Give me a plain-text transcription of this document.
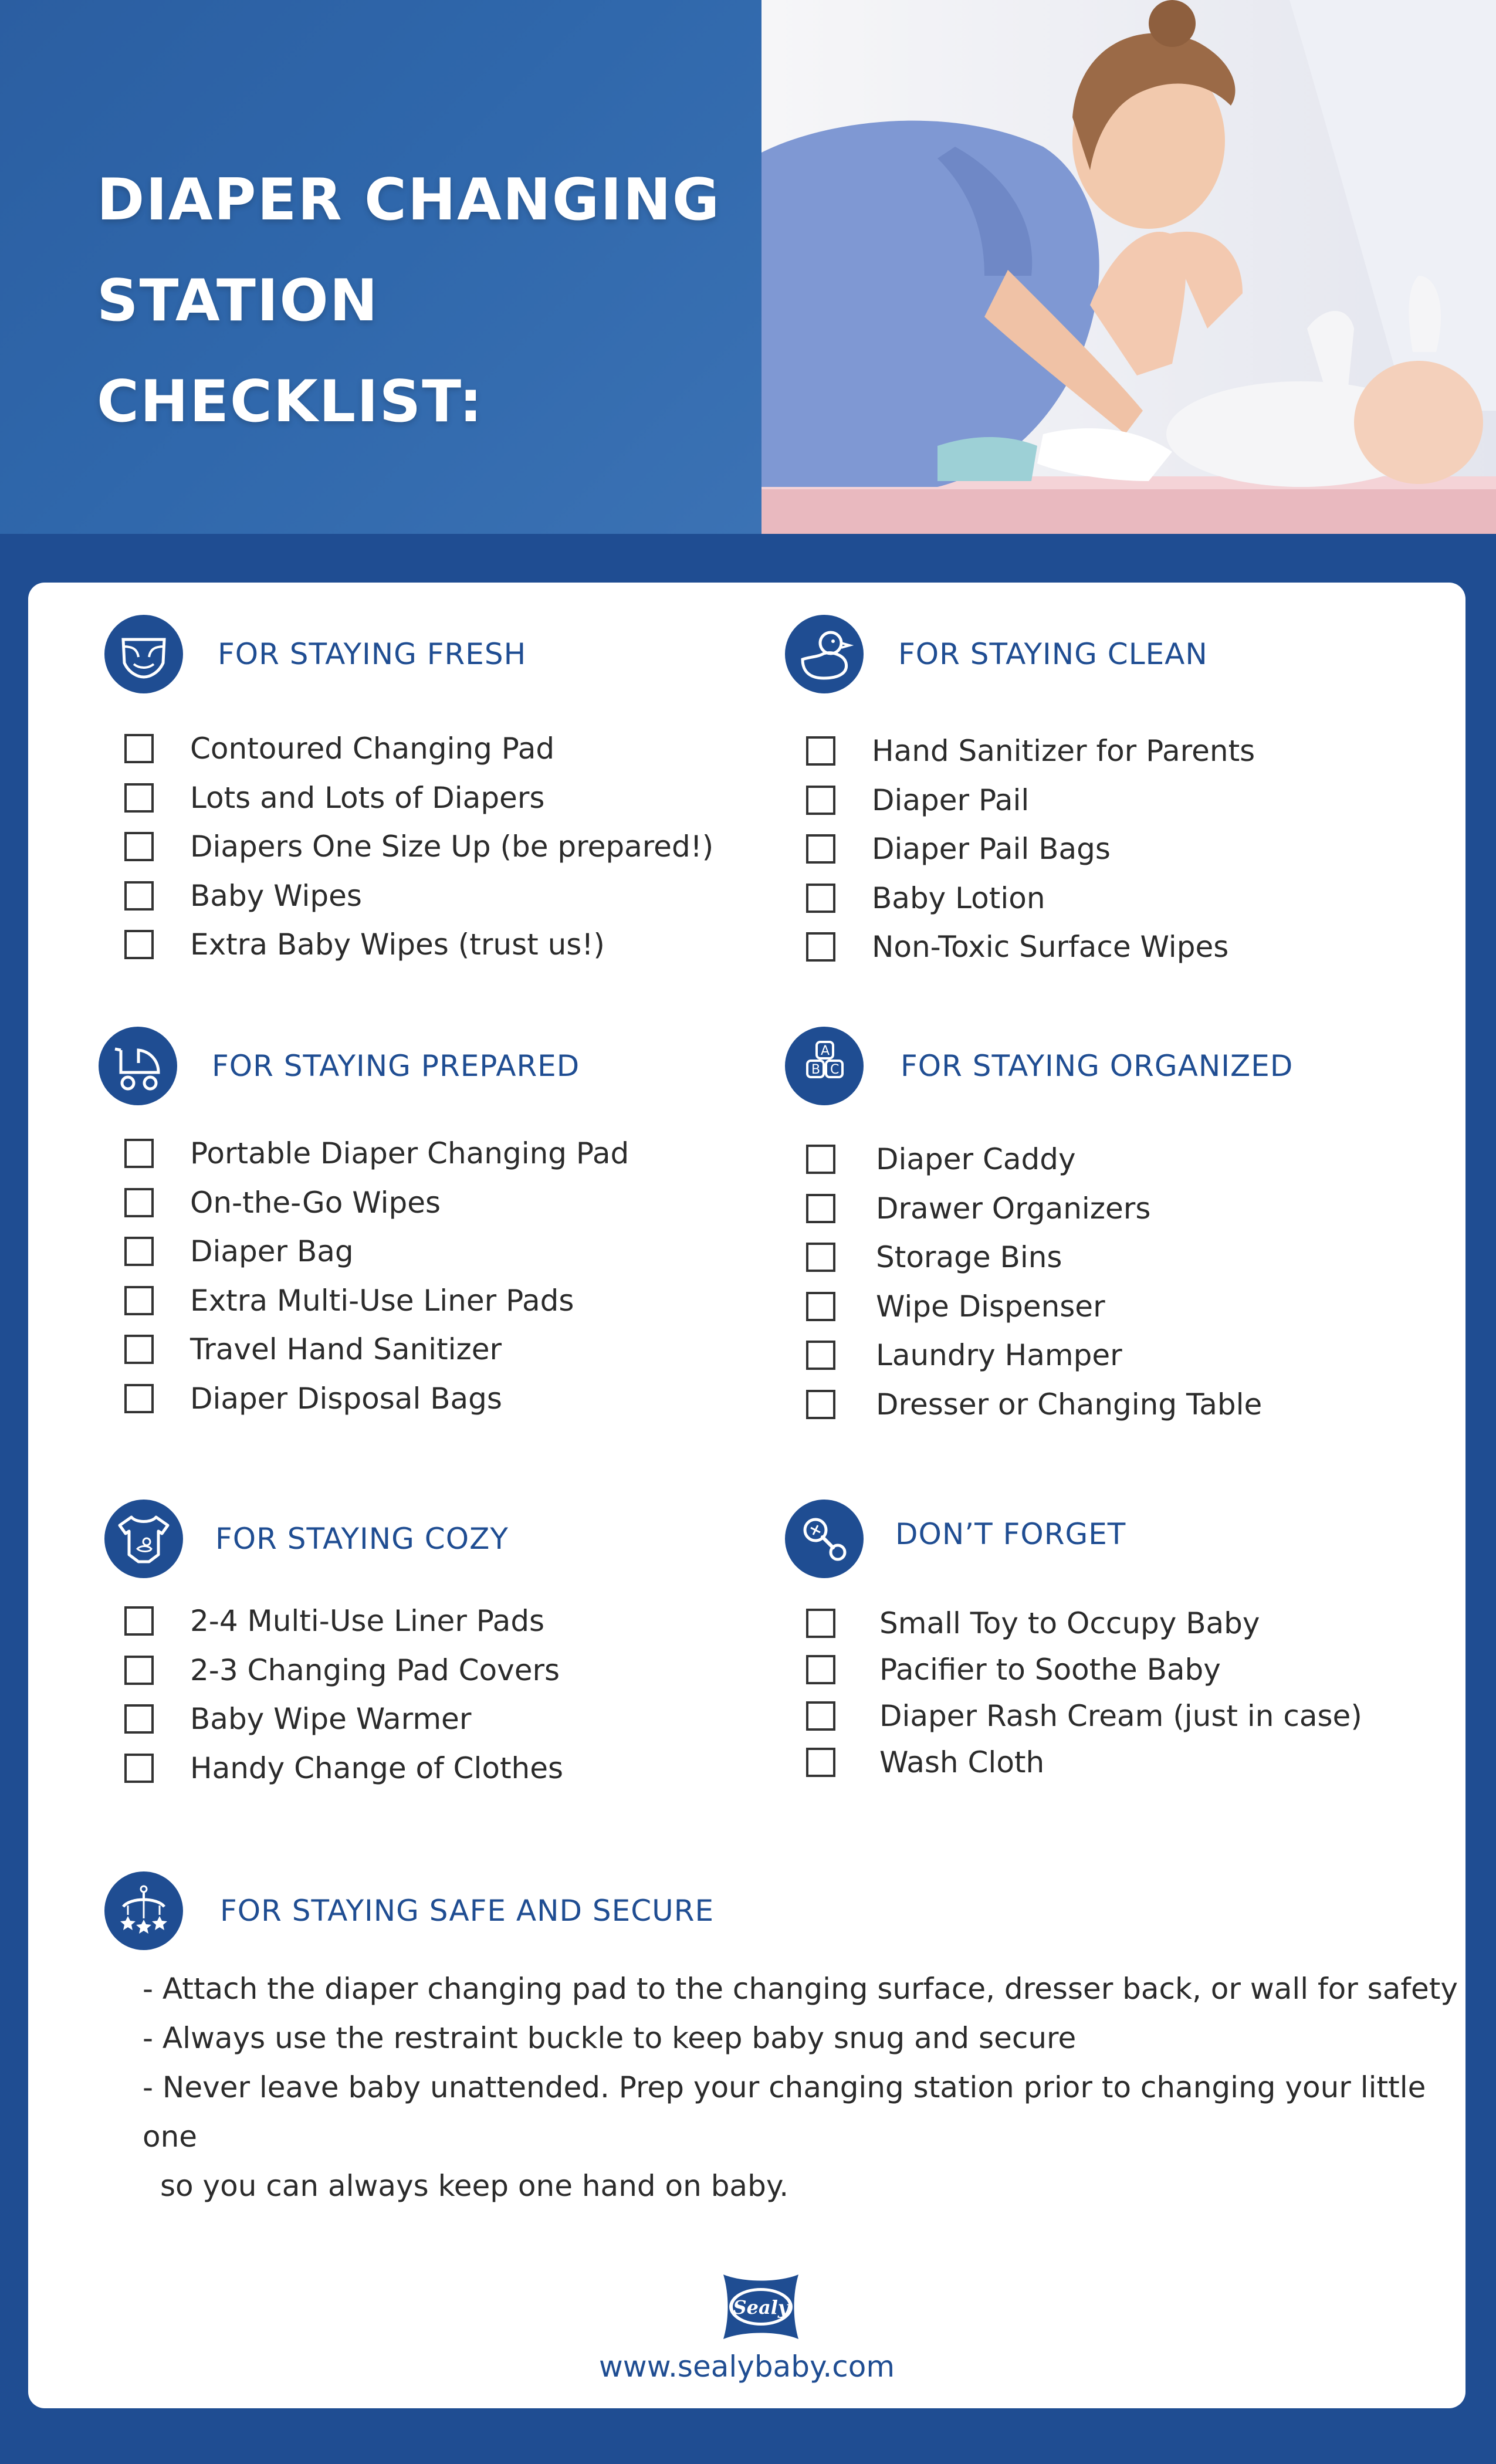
DIAPER CHANGING
STATION CHECKLIST:
FOR STAYING FRESH
Contoured Changing Pad
Lots and Lots of Diapers
Diapers One Size Up (be prepared!)
Baby Wipes
Extra Baby Wipes (trust us!)
FOR STAYING CLEAN
Hand Sanitizer for Parents
Diaper Pail
Diaper Pail Bags
Baby Lotion
Non-Toxic Surface Wipes
FOR STAYING PREPARED
Portable Diaper Changing Pad
On-the-Go Wipes
Diaper Bag
Extra Multi-Use Liner Pads
Travel Hand Sanitizer
Diaper Disposal Bags
A
B C FOR STAYING ORGANIZED
Diaper Caddy
Drawer Organizers
Storage Bins
Wipe Dispenser
Laundry Hamper
Dresser or Changing Table
FOR STAYING COZY
2-4 Multi-Use Liner Pads
2-3 Changing Pad Covers
Baby Wipe Warmer
Handy Change of Clothes
DON’T FORGET
Small Toy to Occupy Baby
Pacifier to Soothe Baby
Diaper Rash Cream (just in case)
Wash Cloth
FOR STAYING SAFE AND SECURE
- Attach the diaper changing pad to the changing surface, dresser back, or wall for safety
- Always use the restraint buckle to keep baby snug and secure
- Never leave baby unattended. Prep your changing station prior to changing your little one
so you can always keep one hand on baby.
Sealy
www.sealybaby.com
